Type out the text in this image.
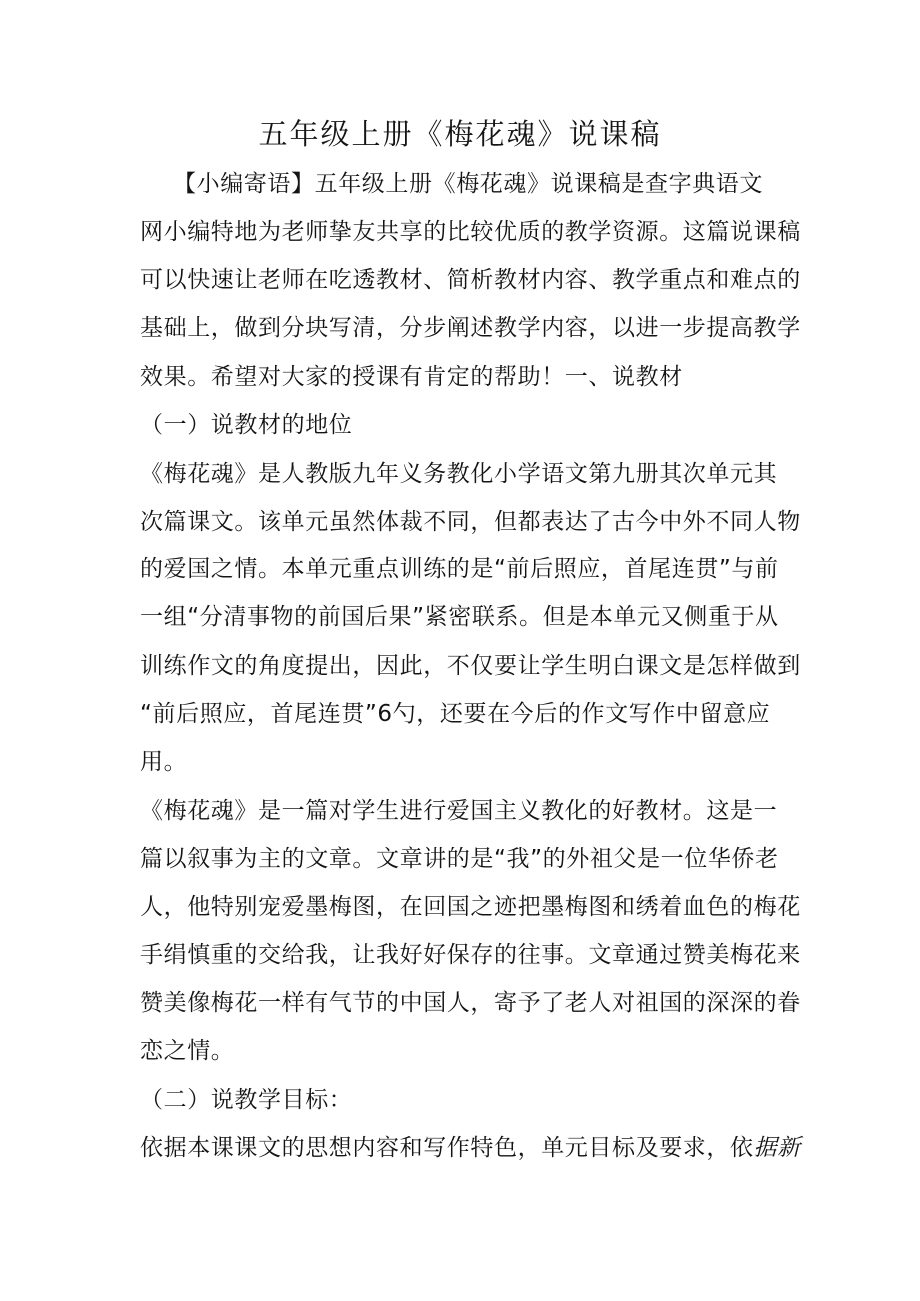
五年级上册《梅花魂》说课稿
【小编寄语】五年级上册《梅花魂》说课稿是查字典语文
网小编特地为老师挚友共享的比较优质的教学资源。这篇说课稿
可以快速让老师在吃透教材、简析教材内容、教学重点和难点的
基础上，做到分块写清，分步阐述教学内容，以进一步提高教学
效果。希望对大家的授课有肯定的帮助！一、说教材
（一）说教材的地位
《梅花魂》是人教版九年义务教化小学语文第九册其次单元其
次篇课文。该单元虽然体裁不同，但都表达了古今中外不同人物
的爱国之情。本单元重点训练的是“前后照应，首尾连贯”与前
一组“分清事物的前国后果”紧密联系。但是本单元又侧重于从
训练作文的角度提出，因此，不仅要让学生明白课文是怎样做到
“前后照应，首尾连贯”6勺，还要在今后的作文写作中留意应
用。
《梅花魂》是一篇对学生进行爱国主义教化的好教材。这是一
篇以叙事为主的文章。文章讲的是“我”的外祖父是一位华侨老
人，他特别宠爱墨梅图，在回国之迹把墨梅图和绣着血色的梅花
手绢慎重的交给我，让我好好保存的往事。文章通过赞美梅花来
赞美像梅花一样有气节的中国人，寄予了老人对祖国的深深的眷
恋之情。
（二）说教学目标：
依据本课课文的思想内容和写作特色，单元目标及要求，依据新
